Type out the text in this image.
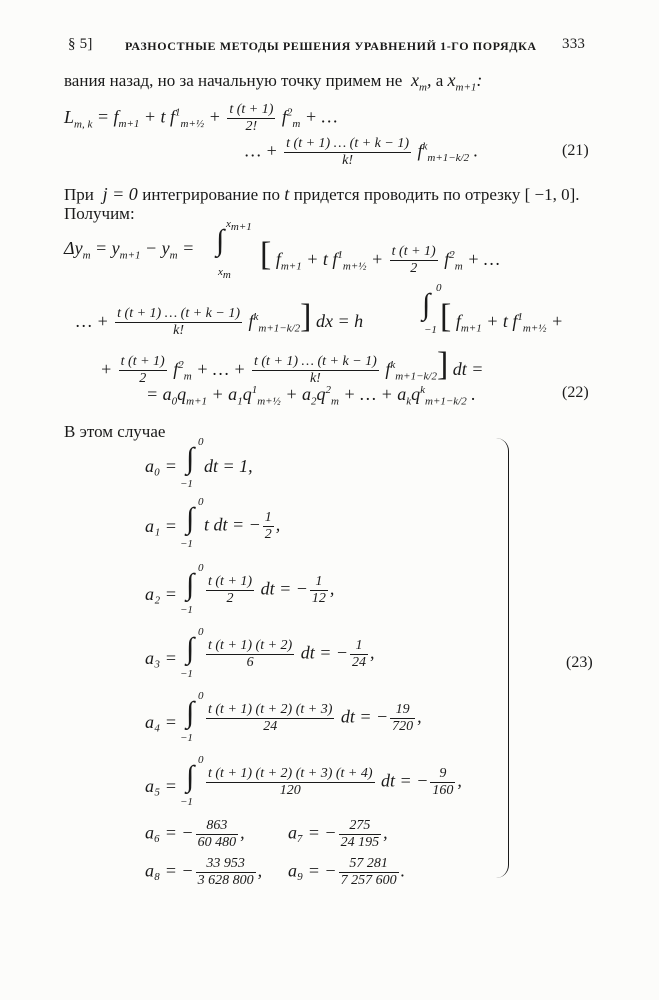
§ 5]	РАЗНОСТНЫЕ МЕТОДЫ РЕШЕНИЯ УРАВНЕНИЙ 1-ГО ПОРЯДКА 333
вания назад, но за начальную точку примем не  $x_m$, а $x_{m+1}$:
$L_{m, k} = f_{m+1} + t$ $f^1_{m+\frac{1}{2}} + \frac{t (t + 1)}{2!} f^2_m$ + …
… + $\frac{t (t + 1) \dots (t + k - 1)}{k!} f^k_{m+1-k/2}$ .	(21)
При  j = 0 интегрирование по t придется проводить по отрезку [ −1, 0].
Получим:
$\Delta y_m = y_{m+1} - y_m$ = ∫ $x_{m+1}$
$x_m$
[ $f_{m+1} + t$ $f^1_{m+\frac{1}{2}} + \frac{t (t + 1)}{2} f^2_m$ + …
… + $\frac{t (t + 1) \dots (t + k - 1)}{k!} f^k_{m+1-k/2}$] dx = h ∫ 0
−1 [ $f_{m+1} + t$ $f^1_{m+\frac{1}{2}}$ +
+ $\frac{t (t + 1)}{2} f^2_m$ + … + $\frac{t (t + 1) \dots (t + k - 1)}{k!} f^k_{m+1-k/2}$] dt =
= $a_0q_{m+1} + a_1q^1_{m+\frac{1}{2}} + a_2q^2_m$ + … + $a_kq^k_{m+1-k/2}$ .	(22)
В этом случае
(23)
a₀ = ∫ 0
−1
dt = 1,
a₁ = ∫ 0
−1
t dt = − $\frac{1}{2}$ ,
a₂ = ∫ 0
−1
$\frac{t (t + 1)}{2}$ dt = − $\frac{1}{12}$ ,
a₃ = ∫ 0
−1
$\frac{t (t + 1) (t + 2)}{6}$ dt = − $\frac{1}{24}$ ,
a₄ = ∫ 0
−1
$\frac{t (t + 1) (t + 2) (t + 3)}{24}$ dt = − $\frac{19}{720}$ ,
a₅ = ∫ 0
−1
$\frac{t (t + 1) (t + 2) (t + 3) (t + 4)}{120}$ dt = − $\frac{9}{160}$ ,
a₆ = − $\frac{863}{60 480}$ , a₇ = − $\frac{275}{24 195}$ ,
a₈ = − $\frac{33 953}{3 628 800}$ , a₉ = − $\frac{57 281}{7 257 600}$ .
